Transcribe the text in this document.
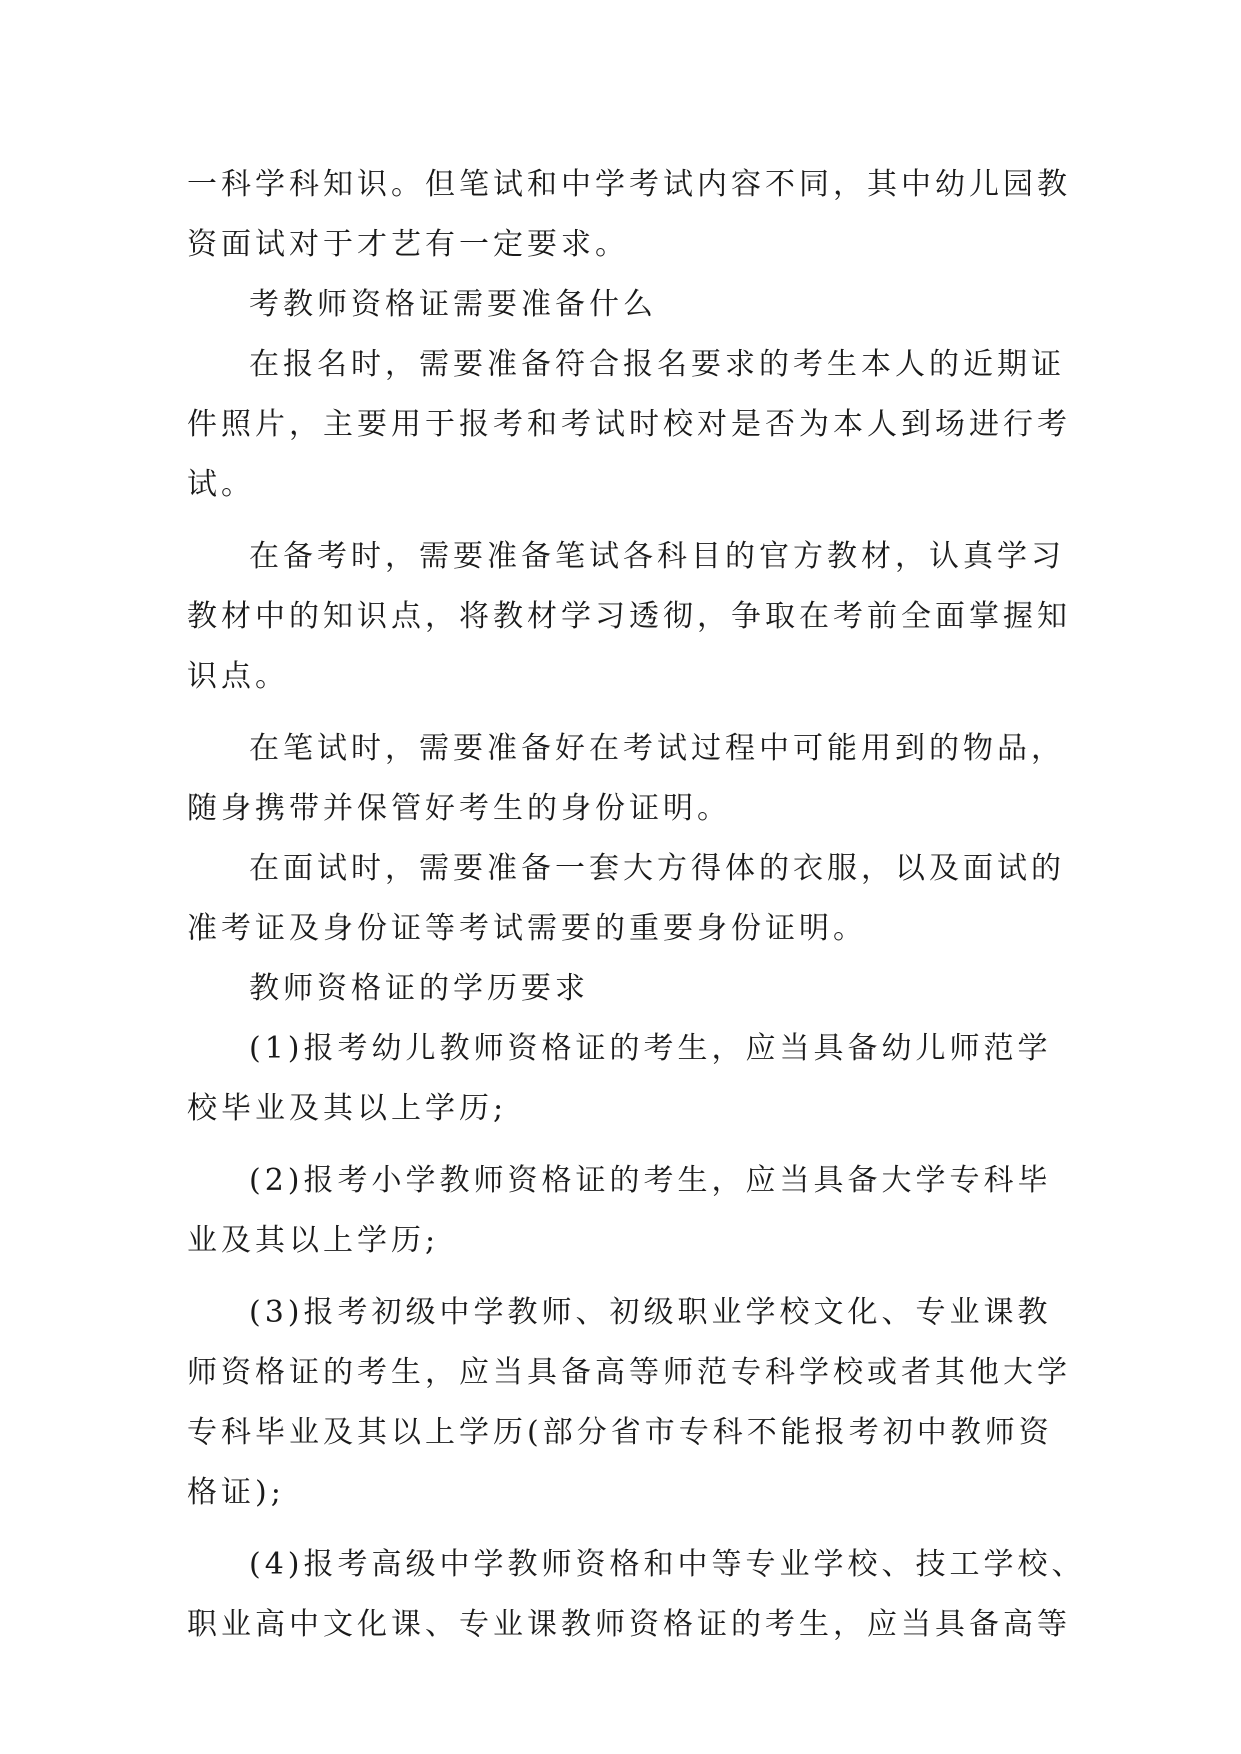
一科学科知识。但笔试和中学考试内容不同，其中幼儿园教
资面试对于才艺有一定要求。
考教师资格证需要准备什么
在报名时，需要准备符合报名要求的考生本人的近期证
件照片，主要用于报考和考试时校对是否为本人到场进行考
试。
在备考时，需要准备笔试各科目的官方教材，认真学习
教材中的知识点，将教材学习透彻，争取在考前全面掌握知
识点。
在笔试时，需要准备好在考试过程中可能用到的物品，
随身携带并保管好考生的身份证明。
在面试时，需要准备一套大方得体的衣服，以及面试的
准考证及身份证等考试需要的重要身份证明。
教师资格证的学历要求
(1)报考幼儿教师资格证的考生，应当具备幼儿师范学
校毕业及其以上学历;
(2)报考小学教师资格证的考生，应当具备大学专科毕
业及其以上学历;
(3)报考初级中学教师、初级职业学校文化、专业课教
师资格证的考生，应当具备高等师范专科学校或者其他大学
专科毕业及其以上学历(部分省市专科不能报考初中教师资
格证);
(4)报考高级中学教师资格和中等专业学校、技工学校、
职业高中文化课、专业课教师资格证的考生，应当具备高等
